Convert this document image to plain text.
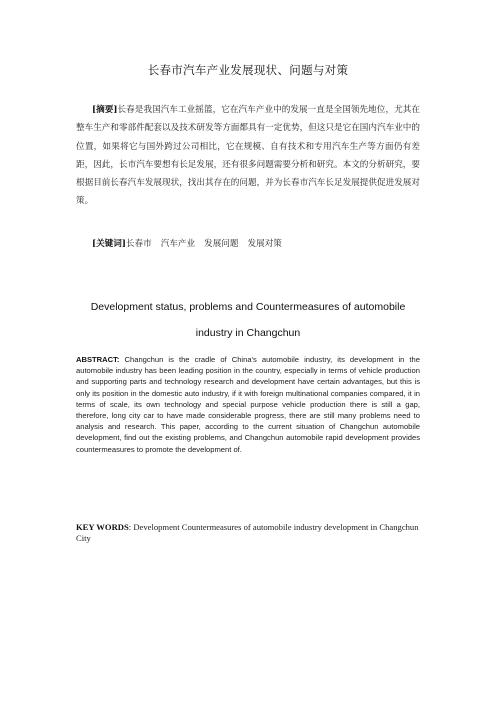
长春市汽车产业发展现状、问题与对策

[摘要]长春是我国汽车工业摇篮，它在汽车产业中的发展一直是全国领先地位，尤其在整车生产和零部件配套以及技术研发等方面都具有一定优势，但这只是它在国内汽车业中的位置，如果将它与国外跨过公司相比，它在规模、自有技术和专用汽车生产等方面仍有差距，因此，长市汽车要想有长足发展，还有很多问题需要分析和研究。本文的分析研究，要根据目前长春汽车发展现状，找出其存在的问题，并为长春市汽车长足发展提供促进发展对策。

[关键词]长春市 汽车产业 发展问题 发展对策
Development status, problems and Countermeasures of automobile
industry in Changchun

ABSTRACT: Changchun is the cradle of China's automobile industry, its development in the automobile industry has been leading position in the country, especially in terms of vehicle production and supporting parts and technology research and development have certain advantages, but this is only its position in the domestic auto industry, if it with foreign multinational companies compared, it in terms of scale, its own technology and special purpose vehicle production there is still a gap, therefore, long city car to have made considerable progress, there are still many problems need to analysis and research. This paper, according to the current situation of Changchun automobile development, find out the existing problems, and Changchun automobile rapid development provides countermeasures to promote the development of.

KEY WORDS: Development Countermeasures of automobile industry development in Changchun City
